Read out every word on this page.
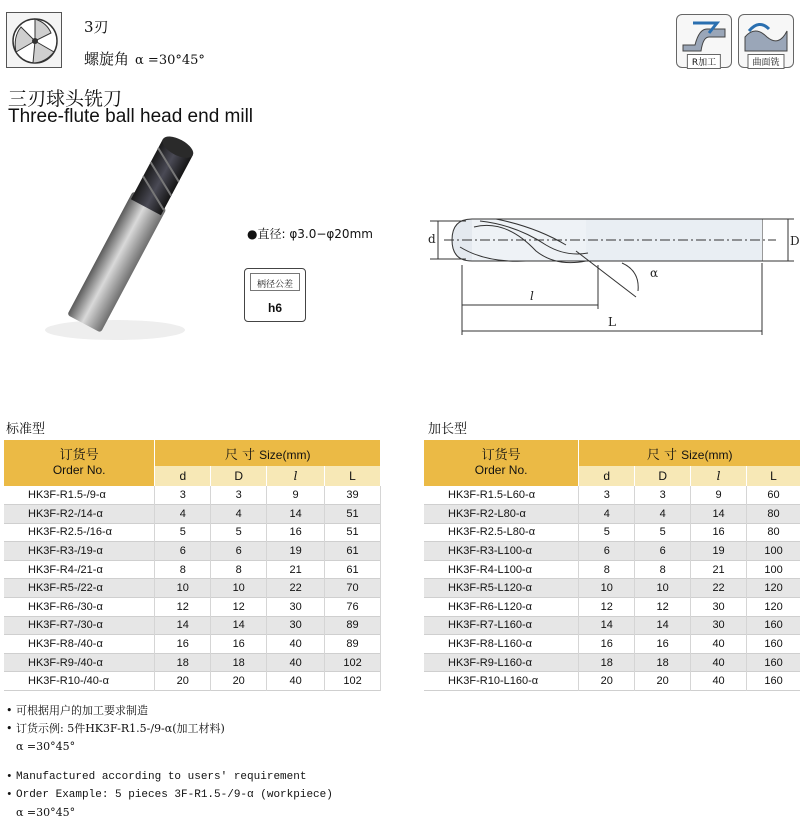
3刃
螺旋角 α =30°45°
三刃球头铣刀
Three-flute ball head end mill
R加工	曲面铣
●直径: φ3.0−φ20mm
柄径公差
h6
d	D
l
L
α
标准型
订货号
Order No.	尺 寸 Size(mm)			
	d	D	l	L
HK3F-R1.5-/9-α	3	3	9	39
HK3F-R2-/14-α	4	4	14	51
HK3F-R2.5-/16-α	5	5	16	51
HK3F-R3-/19-α	6	6	19	61
HK3F-R4-/21-α	8	8	21	61
HK3F-R5-/22-α	10	10	22	70
HK3F-R6-/30-α	12	12	30	76
HK3F-R7-/30-α	14	14	30	89
HK3F-R8-/40-α	16	16	40	89
HK3F-R9-/40-α	18	18	40	102
HK3F-R10-/40-α	20	20	40	102
加长型
订货号
Order No.	尺 寸 Size(mm)			
	d	D	l	L
HK3F-R1.5-L60-α	3	3	9	60
HK3F-R2-L80-α	4	4	14	80
HK3F-R2.5-L80-α	5	5	16	80
HK3F-R3-L100-α	6	6	19	100
HK3F-R4-L100-α	8	8	21	100
HK3F-R5-L120-α	10	10	22	120
HK3F-R6-L120-α	12	12	30	120
HK3F-R7-L160-α	14	14	30	160
HK3F-R8-L160-α	16	16	40	160
HK3F-R9-L160-α	18	18	40	160
HK3F-R10-L160-α	20	20	40	160
• 可根据用户的加工要求制造
• 订货示例: 5件HK3F-R1.5-/9-α(加工材料)
α =30°45°
• Manufactured according to users' requirement
• Order Example: 5 pieces 3F-R1.5-/9-α (workpiece)
α =30°45°
